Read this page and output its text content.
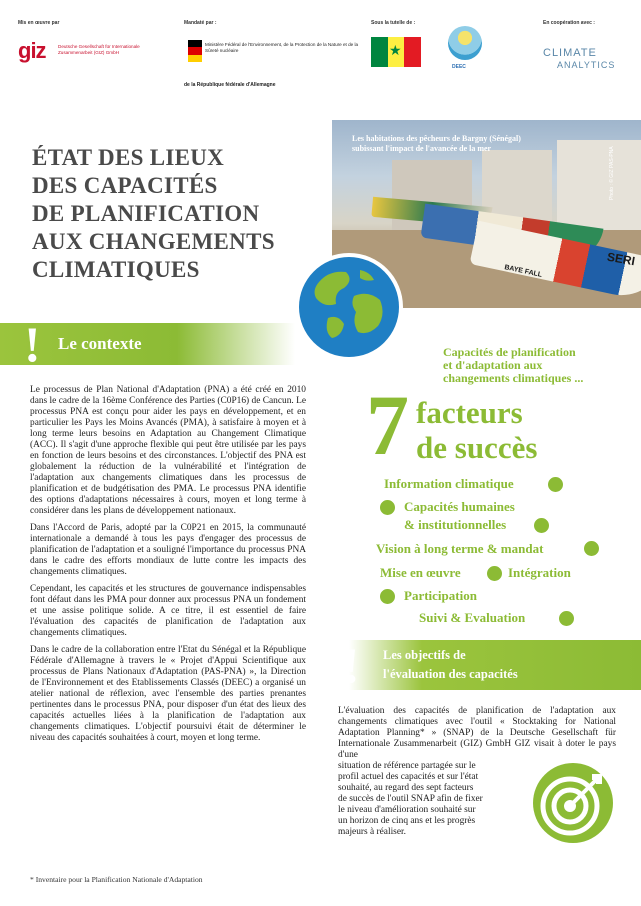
Mis en œuvre par
giz	Deutsche Gesellschaft für Internationale Zusammenarbeit (GIZ) GmbH
Mandaté par :
Ministère Fédéral de l'Environnement, de la Protection de la Nature et de la Sûreté nucléaire
de la République fédérale d'Allemagne
Sous la tutelle de :
★
DEEC
En coopération avec :
CLIMATE
ANALYTICS
BAYE FALL
SERI
Les habitations des pêcheurs de Bargny (Sénégal) subissant l'impact de l'avancée de la mer	Photo : © GIZ PAS-PNA
ÉTAT DES LIEUX
DES CAPACITÉS
DE PLANIFICATION
AUX CHANGEMENTS
CLIMATIQUES
! Le contexte

Le processus de Plan National d'Adaptation (PNA) a été créé en 2010 dans le cadre de la 16ème Conférence des Parties (C0P16) de Cancun. Le processus PNA est conçu pour aider les pays en développement, et en particulier les Pays les Moins Avancés (PMA), à satisfaire à moyen et à long terme leurs besoins en Adaptation au Changement Climatique (ACC). Il s'agit d'une approche flexible qui peut être utilisée par les pays en fonction de leurs besoins et des circonstances. L'objectif des PNA est globalement la réduction de la vulnérabilité et l'intégration de l'adaptation aux changements climatiques dans les processus de planification et de budgétisation des PMA. Le processus PNA identifie des options d'adaptations nécessaires à cours, moyen et long terme à considérer dans les plans de développement nationaux.

Dans l'Accord de Paris, adopté par la C0P21 en 2015, la communauté internationale a demandé à tous les pays d'engager des processus de planification de l'adaptation et a souligné l'importance du processus PNA dans le cadre des efforts mondiaux de lutte contre les impacts des changements climatiques.

Cependant, les capacités et les structures de gouvernance indispensables font défaut dans les PMA pour donner aux processus PNA un fondement et une assise politique solide. A ce titre, il est essentiel de faire l'évaluation des capacités de planification de l'adaptation aux changements climatiques.

Dans le cadre de la collaboration entre l'Etat du Sénégal et la République Fédérale d'Allemagne à travers le « Projet d'Appui Scientifique aux processus de Plans Nationaux d'Adaptation (PAS-PNA) », la Direction de l'Environnement et des Etablissements Classés (DEEC) a organisé un atelier national de réflexion, avec l'ensemble des parties prenantes pertinentes dans le processus PNA, pour disposer d'un état des lieux des capacités actuelles liées à la planification de l'adaptation aux changements climatiques. L'objectif poursuivi était de déterminer le niveau des capacités souhaitées à court, moyen et long terme.

* Inventaire pour la Planification Nationale d'Adaptation
Capacités de planification
et d'adaptation aux
changements climatiques ...
7 facteurs
de succès
Information climatique
Capacités humaines
& institutionnelles
Vision à long terme & mandat
Mise en œuvre	Intégration
Participation
Suivi & Evaluation
! Les objectifs de
l'évaluation des capacités
L'évaluation des capacités de planification de l'adaptation aux changements climatiques avec l'outil « Stocktaking for National Adaptation Planning* » (SNAP) de la Deutsche Gesellschaft für Internationale Zusammenarbeit (GIZ) GmbH GIZ visait à doter le pays d'une
situation de référence partagée sur le
profil actuel des capacités et sur l'état
souhaité, au regard des sept facteurs
de succès de l'outil SNAP afin de fixer
le niveau d'amélioration souhaité sur
un horizon de cinq ans et les progrès
majeurs à réaliser.
